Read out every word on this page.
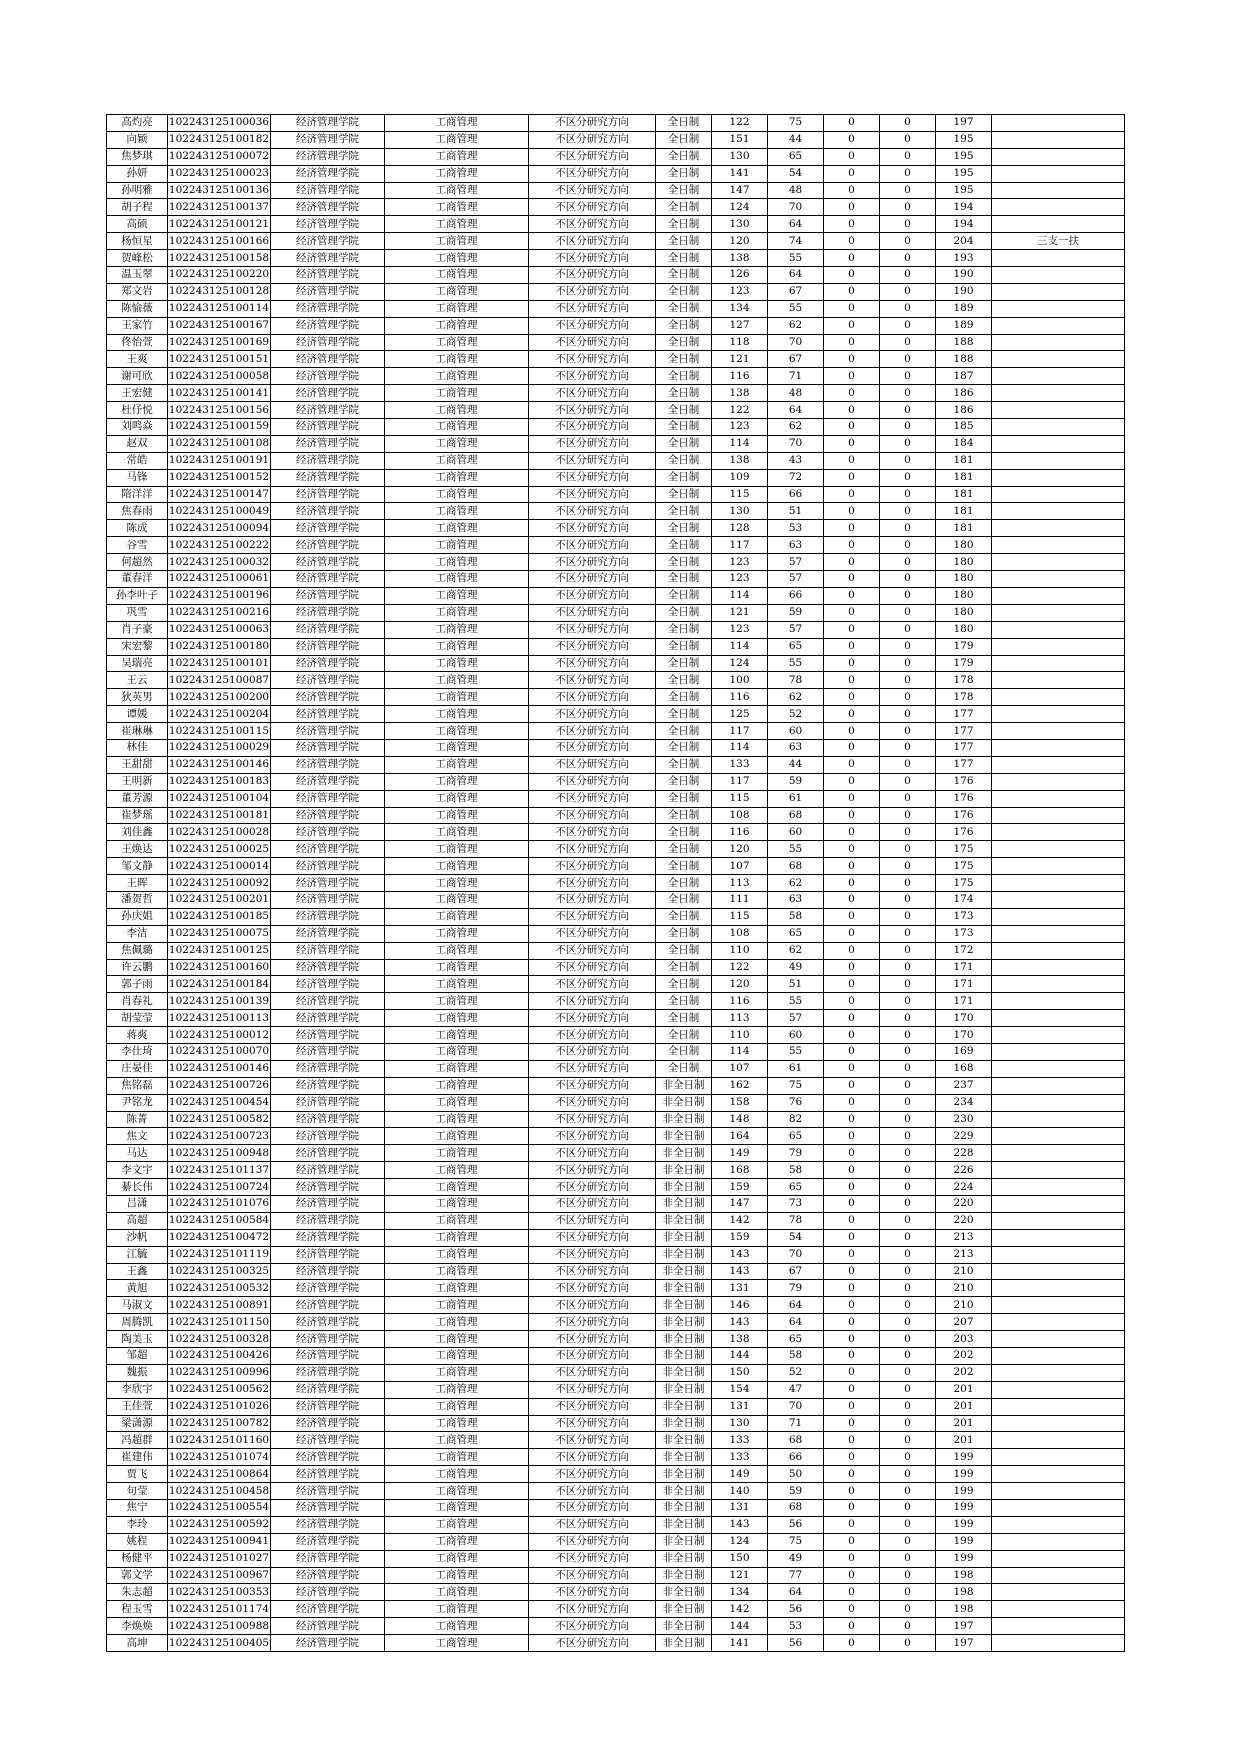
高灼亮	102243125100036	经济管理学院	工商管理	不区分研究方向	全日制	122	75	0	0	197	
向颖	102243125100182	经济管理学院	工商管理	不区分研究方向	全日制	151	44	0	0	195	
焦梦琪	102243125100072	经济管理学院	工商管理	不区分研究方向	全日制	130	65	0	0	195	
孙妍	102243125100023	经济管理学院	工商管理	不区分研究方向	全日制	141	54	0	0	195	
孙明雅	102243125100136	经济管理学院	工商管理	不区分研究方向	全日制	147	48	0	0	195	
胡子程	102243125100137	经济管理学院	工商管理	不区分研究方向	全日制	124	70	0	0	194	
高硕	102243125100121	经济管理学院	工商管理	不区分研究方向	全日制	130	64	0	0	194	
杨恒星	102243125100166	经济管理学院	工商管理	不区分研究方向	全日制	120	74	0	0	204	三支一扶
贺峰松	102243125100158	经济管理学院	工商管理	不区分研究方向	全日制	138	55	0	0	193	
温玉翠	102243125100220	经济管理学院	工商管理	不区分研究方向	全日制	126	64	0	0	190	
郑文岩	102243125100128	经济管理学院	工商管理	不区分研究方向	全日制	123	67	0	0	190	
陈愉薇	102243125100114	经济管理学院	工商管理	不区分研究方向	全日制	134	55	0	0	189	
王家竹	102243125100167	经济管理学院	工商管理	不区分研究方向	全日制	127	62	0	0	189	
佟怡萱	102243125100169	经济管理学院	工商管理	不区分研究方向	全日制	118	70	0	0	188	
王爽	102243125100151	经济管理学院	工商管理	不区分研究方向	全日制	121	67	0	0	188	
谢可欣	102243125100058	经济管理学院	工商管理	不区分研究方向	全日制	116	71	0	0	187	
王宏健	102243125100141	经济管理学院	工商管理	不区分研究方向	全日制	138	48	0	0	186	
杜伃悦	102243125100156	经济管理学院	工商管理	不区分研究方向	全日制	122	64	0	0	186	
刘鸣焱	102243125100159	经济管理学院	工商管理	不区分研究方向	全日制	123	62	0	0	185	
赵双	102243125100108	经济管理学院	工商管理	不区分研究方向	全日制	114	70	0	0	184	
常皓	102243125100191	经济管理学院	工商管理	不区分研究方向	全日制	138	43	0	0	181	
马锋	102243125100152	经济管理学院	工商管理	不区分研究方向	全日制	109	72	0	0	181	
隋洋洋	102243125100147	经济管理学院	工商管理	不区分研究方向	全日制	115	66	0	0	181	
焦春雨	102243125100049	经济管理学院	工商管理	不区分研究方向	全日制	130	51	0	0	181	
陈成	102243125100094	经济管理学院	工商管理	不区分研究方向	全日制	128	53	0	0	181	
谷雪	102243125100222	经济管理学院	工商管理	不区分研究方向	全日制	117	63	0	0	180	
何超然	102243125100032	经济管理学院	工商管理	不区分研究方向	全日制	123	57	0	0	180	
董春洋	102243125100061	经济管理学院	工商管理	不区分研究方向	全日制	123	57	0	0	180	
孙李叶子	102243125100196	经济管理学院	工商管理	不区分研究方向	全日制	114	66	0	0	180	
巩雪	102243125100216	经济管理学院	工商管理	不区分研究方向	全日制	121	59	0	0	180	
肖子豪	102243125100063	经济管理学院	工商管理	不区分研究方向	全日制	123	57	0	0	180	
宋宏黎	102243125100180	经济管理学院	工商管理	不区分研究方向	全日制	114	65	0	0	179	
吴瑞亮	102243125100101	经济管理学院	工商管理	不区分研究方向	全日制	124	55	0	0	179	
王云	102243125100087	经济管理学院	工商管理	不区分研究方向	全日制	100	78	0	0	178	
狄英男	102243125100200	经济管理学院	工商管理	不区分研究方向	全日制	116	62	0	0	178	
谭媛	102243125100204	经济管理学院	工商管理	不区分研究方向	全日制	125	52	0	0	177	
崔琳琳	102243125100115	经济管理学院	工商管理	不区分研究方向	全日制	117	60	0	0	177	
林佳	102243125100029	经济管理学院	工商管理	不区分研究方向	全日制	114	63	0	0	177	
王甜甜	102243125100146	经济管理学院	工商管理	不区分研究方向	全日制	133	44	0	0	177	
王明新	102243125100183	经济管理学院	工商管理	不区分研究方向	全日制	117	59	0	0	176	
董芳源	102243125100104	经济管理学院	工商管理	不区分研究方向	全日制	115	61	0	0	176	
崔梦瑶	102243125100181	经济管理学院	工商管理	不区分研究方向	全日制	108	68	0	0	176	
刘佳鑫	102243125100028	经济管理学院	工商管理	不区分研究方向	全日制	116	60	0	0	176	
王焕达	102243125100025	经济管理学院	工商管理	不区分研究方向	全日制	120	55	0	0	175	
邹文静	102243125100014	经济管理学院	工商管理	不区分研究方向	全日制	107	68	0	0	175	
王晖	102243125100092	经济管理学院	工商管理	不区分研究方向	全日制	113	62	0	0	175	
潘贺哲	102243125100201	经济管理学院	工商管理	不区分研究方向	全日制	111	63	0	0	174	
孙庆姐	102243125100185	经济管理学院	工商管理	不区分研究方向	全日制	115	58	0	0	173	
李洁	102243125100075	经济管理学院	工商管理	不区分研究方向	全日制	108	65	0	0	173	
焦佩璐	102243125100125	经济管理学院	工商管理	不区分研究方向	全日制	110	62	0	0	172	
许云鹏	102243125100160	经济管理学院	工商管理	不区分研究方向	全日制	122	49	0	0	171	
郭子雨	102243125100184	经济管理学院	工商管理	不区分研究方向	全日制	120	51	0	0	171	
肖春礼	102243125100139	经济管理学院	工商管理	不区分研究方向	全日制	116	55	0	0	171	
胡莹莹	102243125100113	经济管理学院	工商管理	不区分研究方向	全日制	113	57	0	0	170	
蒋爽	102243125100012	经济管理学院	工商管理	不区分研究方向	全日制	110	60	0	0	170	
李仕琦	102243125100070	经济管理学院	工商管理	不区分研究方向	全日制	114	55	0	0	169	
庄晏佳	102243125100146	经济管理学院	工商管理	不区分研究方向	全日制	107	61	0	0	168	
焦铭磊	102243125100726	经济管理学院	工商管理	不区分研究方向	非全日制	162	75	0	0	237	
尹铭龙	102243125100454	经济管理学院	工商管理	不区分研究方向	非全日制	158	76	0	0	234	
陈菁	102243125100582	经济管理学院	工商管理	不区分研究方向	非全日制	148	82	0	0	230	
焦文	102243125100723	经济管理学院	工商管理	不区分研究方向	非全日制	164	65	0	0	229	
马达	102243125100948	经济管理学院	工商管理	不区分研究方向	非全日制	149	79	0	0	228	
李文宇	102243125101137	经济管理学院	工商管理	不区分研究方向	非全日制	168	58	0	0	226	
綦长伟	102243125100724	经济管理学院	工商管理	不区分研究方向	非全日制	159	65	0	0	224	
吕潇	102243125101076	经济管理学院	工商管理	不区分研究方向	非全日制	147	73	0	0	220	
高超	102243125100584	经济管理学院	工商管理	不区分研究方向	非全日制	142	78	0	0	220	
沙帆	102243125100472	经济管理学院	工商管理	不区分研究方向	非全日制	159	54	0	0	213	
江毓	102243125101119	经济管理学院	工商管理	不区分研究方向	非全日制	143	70	0	0	213	
王鑫	102243125100325	经济管理学院	工商管理	不区分研究方向	非全日制	143	67	0	0	210	
黄旭	102243125100532	经济管理学院	工商管理	不区分研究方向	非全日制	131	79	0	0	210	
马淑文	102243125100891	经济管理学院	工商管理	不区分研究方向	非全日制	146	64	0	0	210	
周腾凯	102243125101150	经济管理学院	工商管理	不区分研究方向	非全日制	143	64	0	0	207	
陶美玉	102243125100328	经济管理学院	工商管理	不区分研究方向	非全日制	138	65	0	0	203	
邹超	102243125100426	经济管理学院	工商管理	不区分研究方向	非全日制	144	58	0	0	202	
魏振	102243125100996	经济管理学院	工商管理	不区分研究方向	非全日制	150	52	0	0	202	
李欣宇	102243125100562	经济管理学院	工商管理	不区分研究方向	非全日制	154	47	0	0	201	
王佳萱	102243125101026	经济管理学院	工商管理	不区分研究方向	非全日制	131	70	0	0	201	
梁潇源	102243125100782	经济管理学院	工商管理	不区分研究方向	非全日制	130	71	0	0	201	
冯超群	102243125101160	经济管理学院	工商管理	不区分研究方向	非全日制	133	68	0	0	201	
崔建伟	102243125101074	经济管理学院	工商管理	不区分研究方向	非全日制	133	66	0	0	199	
贾飞	102243125100864	经济管理学院	工商管理	不区分研究方向	非全日制	149	50	0	0	199	
句莹	102243125100458	经济管理学院	工商管理	不区分研究方向	非全日制	140	59	0	0	199	
焦宁	102243125100554	经济管理学院	工商管理	不区分研究方向	非全日制	131	68	0	0	199	
李玲	102243125100592	经济管理学院	工商管理	不区分研究方向	非全日制	143	56	0	0	199	
姚程	102243125100941	经济管理学院	工商管理	不区分研究方向	非全日制	124	75	0	0	199	
杨健平	102243125101027	经济管理学院	工商管理	不区分研究方向	非全日制	150	49	0	0	199	
郭文学	102243125100967	经济管理学院	工商管理	不区分研究方向	非全日制	121	77	0	0	198	
朱志超	102243125100353	经济管理学院	工商管理	不区分研究方向	非全日制	134	64	0	0	198	
程玉雪	102243125101174	经济管理学院	工商管理	不区分研究方向	非全日制	142	56	0	0	198	
李焕焕	102243125100988	经济管理学院	工商管理	不区分研究方向	非全日制	144	53	0	0	197	
高坤	102243125100405	经济管理学院	工商管理	不区分研究方向	非全日制	141	56	0	0	197	
